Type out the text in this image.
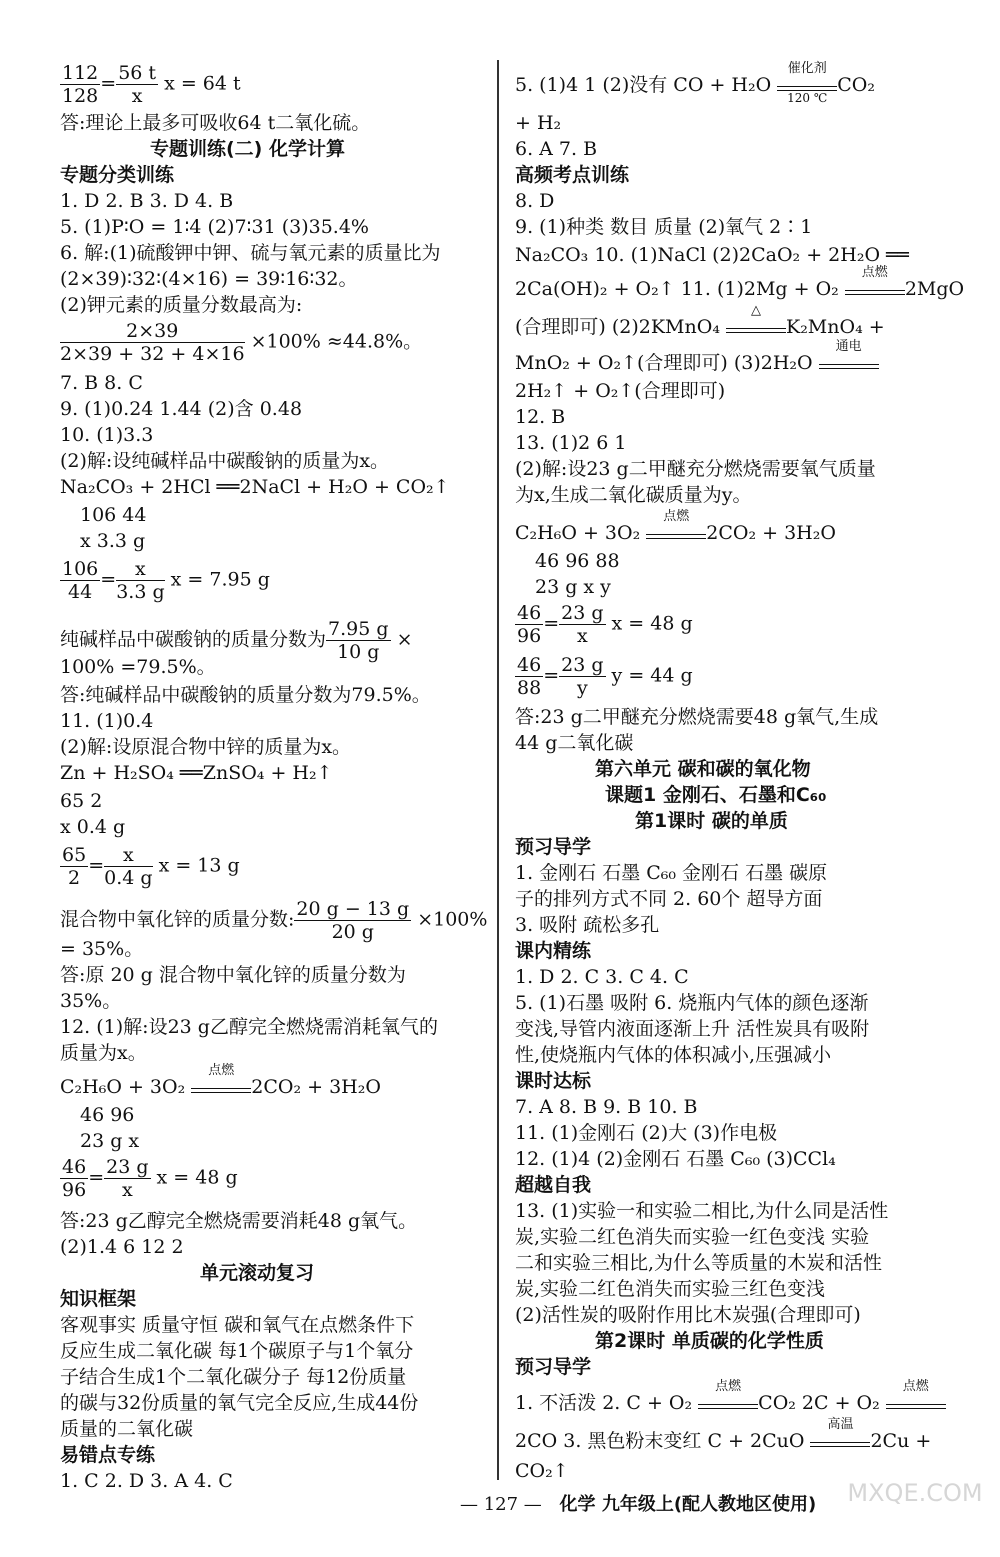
$\frac{112}{128} = \frac{56 t}{x}$ x = 64 t
答:理论上最多可吸收64 t二氧化硫。
专题训练(二) 化学计算
专题分类训练
1. D 2. B 3. D 4. B
5. (1)P∶O = 1∶4 (2)7∶31 (3)35.4%
6. 解:(1)硫酸钾中钾、硫与氧元素的质量比为
(2×39)∶32∶(4×16) = 39∶16∶32。
(2)钾元素的质量分数最高为:
$\frac{2\times 39}{2\times 39 + 32 + 4\times 16} \times 100\% \approx 44.8\%$。
7. B 8. C
9. (1)0.24 1.44 (2)含 0.48
10. (1)3.3
(2)解:设纯碱样品中碳酸钠的质量为x。
Na₂CO₃ + 2HCl ══2NaCl + H₂O + CO₂↑
106 44
x 3.3 g
$\frac{106}{44} = \frac{x}{3.3 g}$ x = 7.95 g
纯碱样品中碳酸钠的质量分数为 $\frac{7.95 g}{10 g}$ ×
100% =79.5%。
答:纯碱样品中碳酸钠的质量分数为79.5%。
11. (1)0.4
(2)解:设原混合物中锌的质量为x。
Zn + H₂SO₄ ══ZnSO₄ + H₂↑
65 2
x 0.4 g
$\frac{65}{2} = \frac{x}{0.4 g}$ x = 13 g
混合物中氧化锌的质量分数: $\frac{20 g - 13 g}{20 g} \times 100\%$
= 35%。
答:原 20 g 混合物中氧化锌的质量分数为
35%。
12. (1)解:设23 g乙醇完全燃烧需消耗氧气的
质量为x。
C₂H₆O + 3O₂
点燃
2CO₂ + 3H₂O
46 96
23 g x
$\frac{46}{96} = \frac{23 g}{x}$ x = 48 g
答:23 g乙醇完全燃烧需要消耗48 g氧气。
(2)1.4 6 12 2
单元滚动复习
知识框架
客观事实 质量守恒 碳和氧气在点燃条件下
反应生成二氧化碳 每1个碳原子与1个氧分
子结合生成1个二氧化碳分子 每12份质量
的碳与32份质量的氧气完全反应,生成44份
质量的二氧化碳
易错点专练
1. C 2. D 3. A 4. C
5. (1)4 1 (2)没有 CO + H₂O
催化剂
120 ℃
CO₂
+ H₂
6. A 7. B
高频考点训练
8. D
9. (1)种类 数目 质量 (2)氧气 2∶1
Na₂CO₃ 10. (1)NaCl (2)2CaO₂ + 2H₂O ══
2Ca(OH)₂ + O₂↑ 11. (1)2Mg + O₂
点燃
2MgO
(合理即可) (2)2KMnO₄
△
K₂MnO₄ +
MnO₂ + O₂↑(合理即可) (3)2H₂O
通电
2H₂↑ + O₂↑(合理即可)
12. B
13. (1)2 6 1
(2)解:设23 g二甲醚充分燃烧需要氧气质量
为x,生成二氧化碳质量为y。
C₂H₆O + 3O₂
点燃
2CO₂ + 3H₂O
46 96 88
23 g x y
$\frac{46}{96} = \frac{23 g}{x}$ x = 48 g
$\frac{46}{88} = \frac{23 g}{y}$ y = 44 g
答:23 g二甲醚充分燃烧需要48 g氧气,生成
44 g二氧化碳
第六单元 碳和碳的氧化物
课题1 金刚石、石墨和C₆₀
第1课时 碳的单质
预习导学
1. 金刚石 石墨 C₆₀ 金刚石 石墨 碳原
子的排列方式不同 2. 60个 超导方面
3. 吸附 疏松多孔
课内精练
1. D 2. C 3. C 4. C
5. (1)石墨 吸附 6. 烧瓶内气体的颜色逐渐
变浅,导管内液面逐渐上升 活性炭具有吸附
性,使烧瓶内气体的体积减小,压强减小
课时达标
7. A 8. B 9. B 10. B
11. (1)金刚石 (2)大 (3)作电极
12. (1)4 (2)金刚石 石墨 C₆₀ (3)CCl₄
超越自我
13. (1)实验一和实验二相比,为什么同是活性
炭,实验二红色消失而实验一红色变浅 实验
二和实验三相比,为什么等质量的木炭和活性
炭,实验二红色消失而实验三红色变浅
(2)活性炭的吸附作用比木炭强(合理即可)
第2课时 单质碳的化学性质
预习导学
1. 不活泼 2. C + O₂
点燃
CO₂ 2C + O₂
点燃
2CO 3. 黑色粉末变红 C + 2CuO
高温
2Cu +
CO₂↑
— 127 — 化学 九年级上(配人教地区使用)	MXQE.COM
